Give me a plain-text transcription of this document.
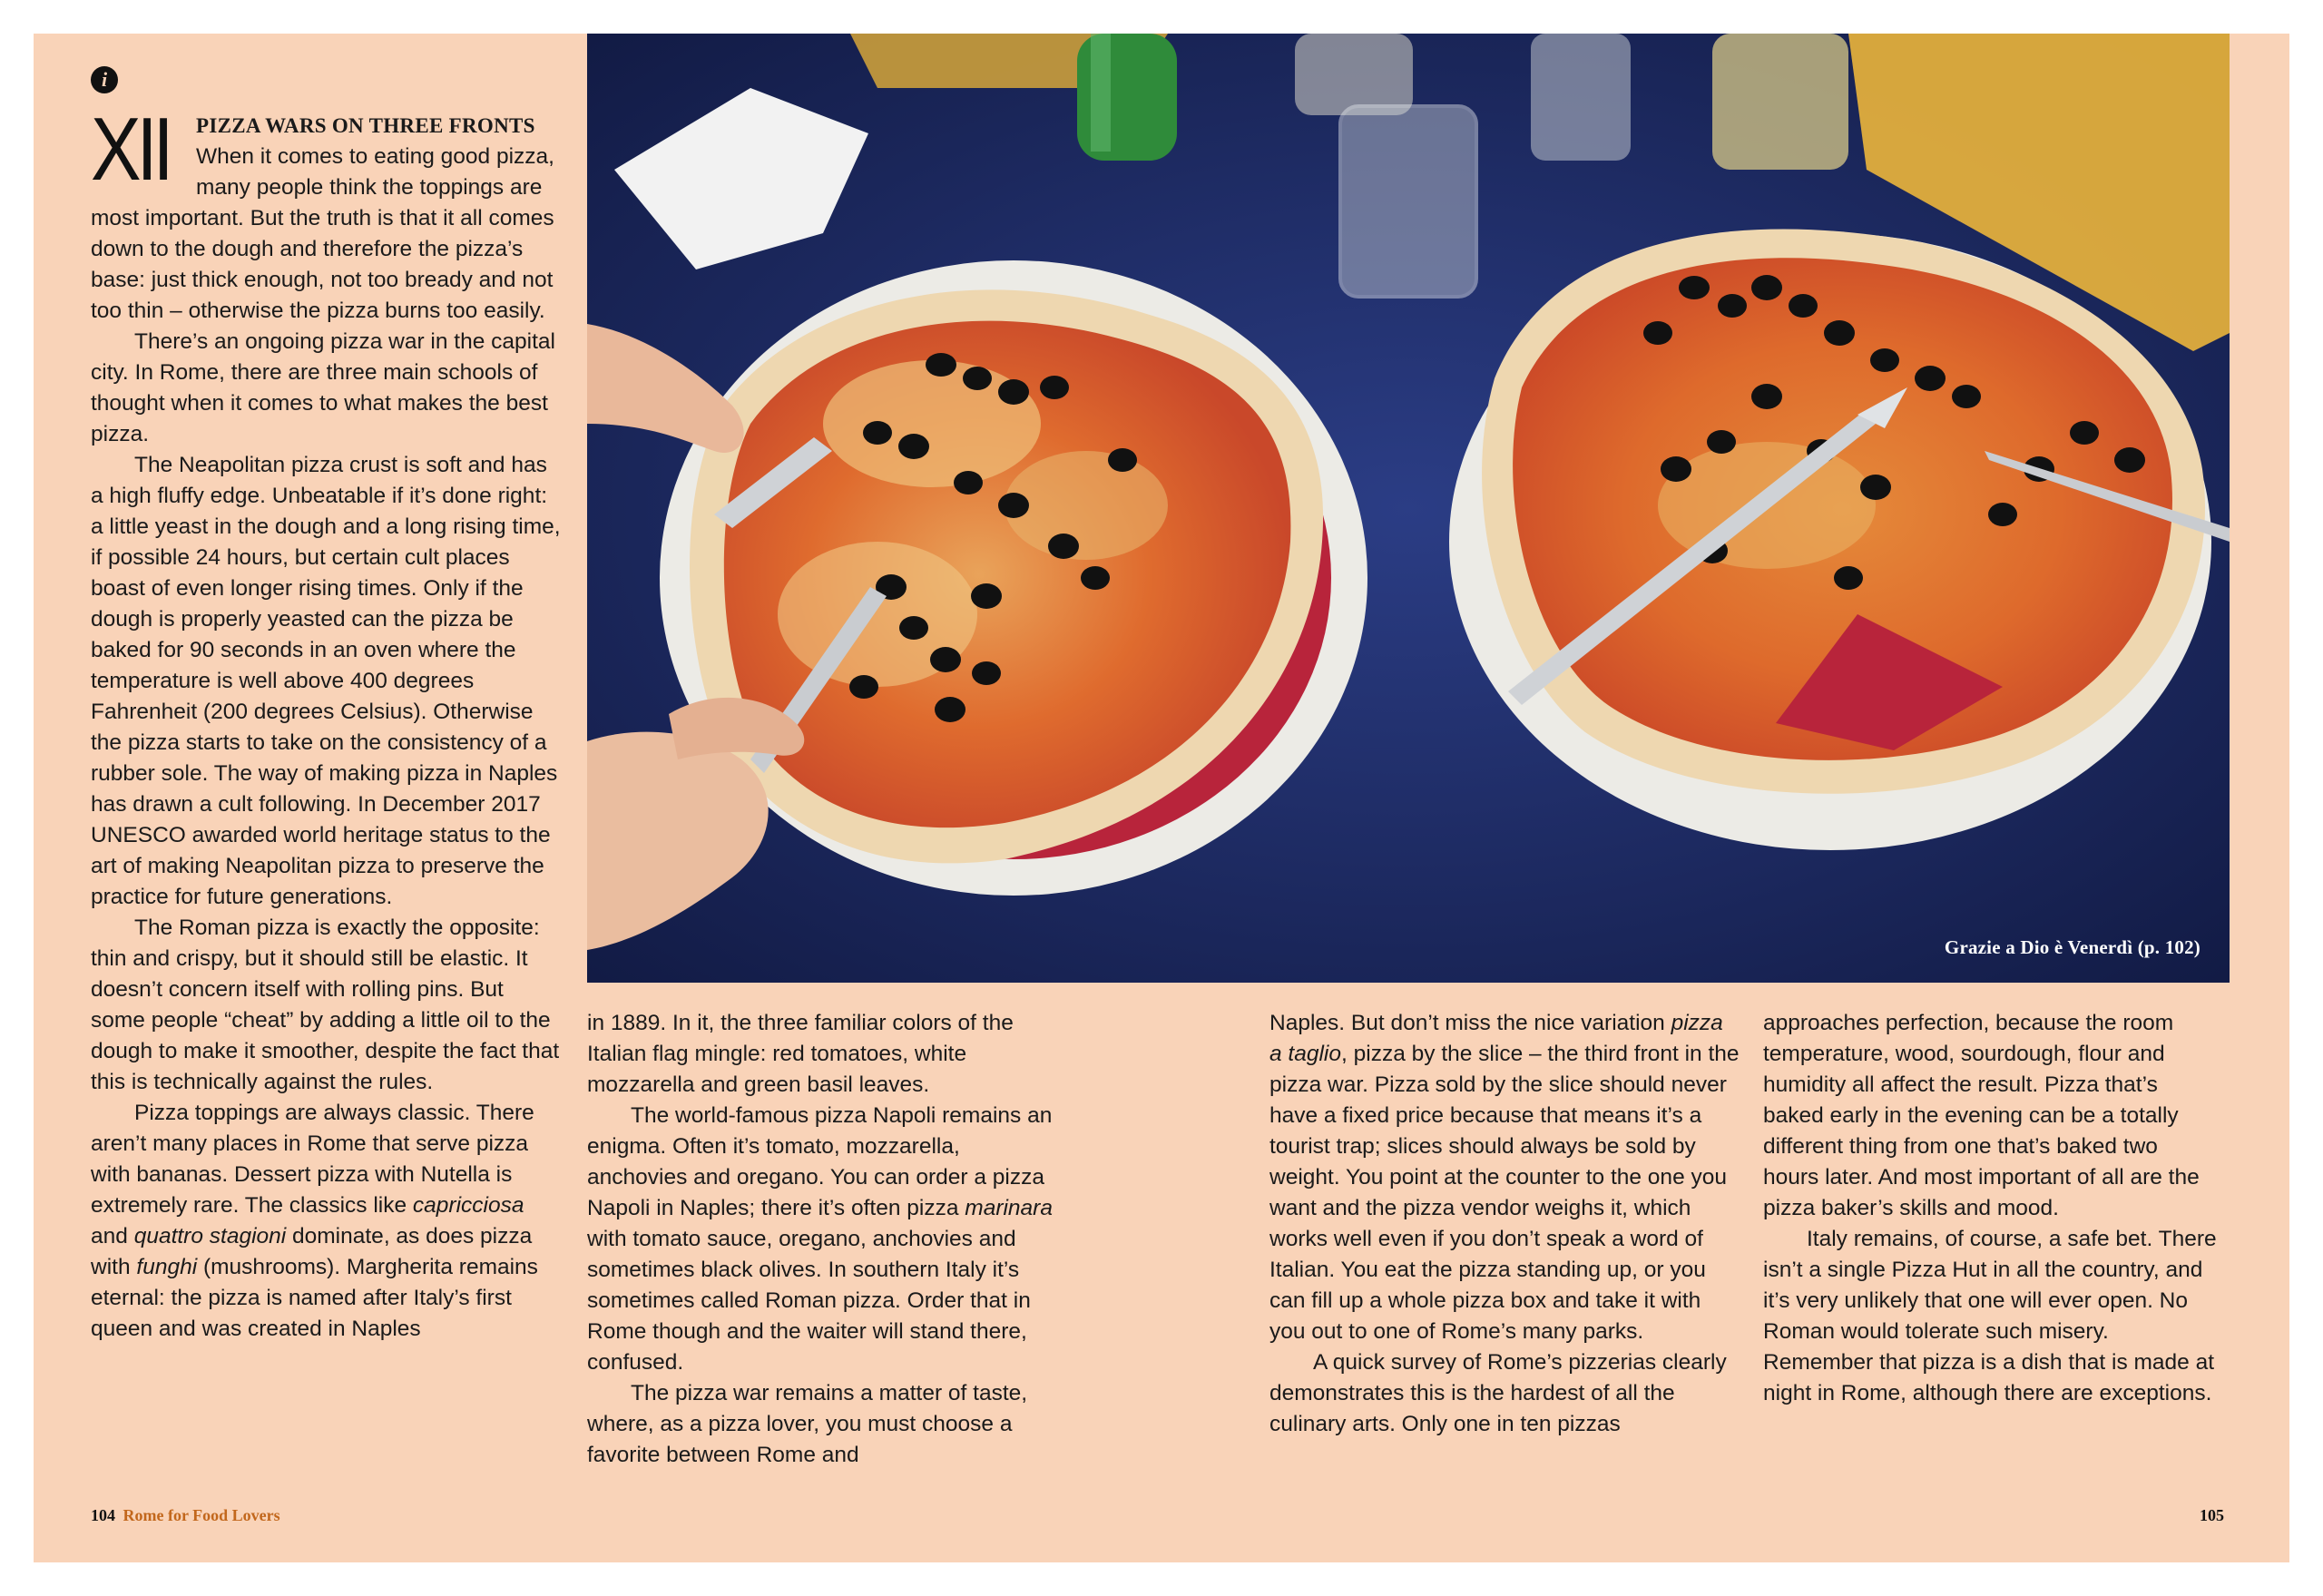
Grazie a Dio è Venerdì (p. 102)
i
XII	PIZZA WARS ON THREE FRONTS

When it comes to eating good pizza, many people think the toppings are most important. But the truth is that it all comes down to the dough and therefore the pizza’s base: just thick enough, not too bready and not too thin – otherwise the pizza burns too easily.

There’s an ongoing pizza war in the capital city. In Rome, there are three main schools of thought when it comes to what makes the best pizza.

The Neapolitan pizza crust is soft and has a high fluffy edge. Unbeatable if it’s done right: a little yeast in the dough and a long rising time, if possible 24 hours, but certain cult places boast of even longer rising times. Only if the dough is properly yeasted can the pizza be baked for 90 seconds in an oven where the temperature is well above 400 degrees Fahrenheit (200 degrees Celsius). Otherwise the pizza starts to take on the consistency of a rubber sole. The way of making pizza in Naples has drawn a cult following. In December 2017 UNESCO awarded world heritage status to the art of making Neapolitan pizza to preserve the practice for future generations.

The Roman pizza is exactly the opposite: thin and crispy, but it should still be elastic. It doesn’t concern itself with rolling pins. But some people “cheat” by adding a little oil to the dough to make it smoother, despite the fact that this is technically against the rules.

Pizza toppings are always classic. There aren’t many places in Rome that serve pizza with bananas. Dessert pizza with Nutella is extremely rare. The classics like capricciosa and quattro stagioni dominate, as does pizza with funghi (mushrooms). Margherita remains eternal: the pizza is named after Italy’s first queen and was created in Naples

in 1889. In it, the three familiar colors of the Italian flag mingle: red tomatoes, white mozzarella and green basil leaves.

The world-famous pizza Napoli remains an enigma. Often it’s tomato, mozzarella, anchovies and oregano. You can order a pizza Napoli in Naples; there it’s often pizza marinara with tomato sauce, oregano, anchovies and sometimes black olives. In southern Italy it’s sometimes called Roman pizza. Order that in Rome though and the waiter will stand there, confused.

The pizza war remains a matter of taste, where, as a pizza lover, you must choose a favorite between Rome and

Naples. But don’t miss the nice variation pizza a taglio, pizza by the slice – the third front in the pizza war. Pizza sold by the slice should never have a fixed price because that means it’s a tourist trap; slices should always be sold by weight. You point at the counter to the one you want and the pizza vendor weighs it, which works well even if you don’t speak a word of Italian. You eat the pizza standing up, or you can fill up a whole pizza box and take it with you out to one of Rome’s many parks.

A quick survey of Rome’s pizzerias clearly demonstrates this is the hardest of all the culinary arts. Only one in ten pizzas

approaches perfection, because the room temperature, wood, sourdough, flour and humidity all affect the result. Pizza that’s baked early in the evening can be a totally different thing from one that’s baked two hours later. And most important of all are the pizza baker’s skills and mood.

Italy remains, of course, a safe bet. There isn’t a single Pizza Hut in all the country, and it’s very unlikely that one will ever open. No Roman would tolerate such misery. Remember that pizza is a dish that is made at night in Rome, although there are exceptions.

104 Rome for Food Lovers	105
